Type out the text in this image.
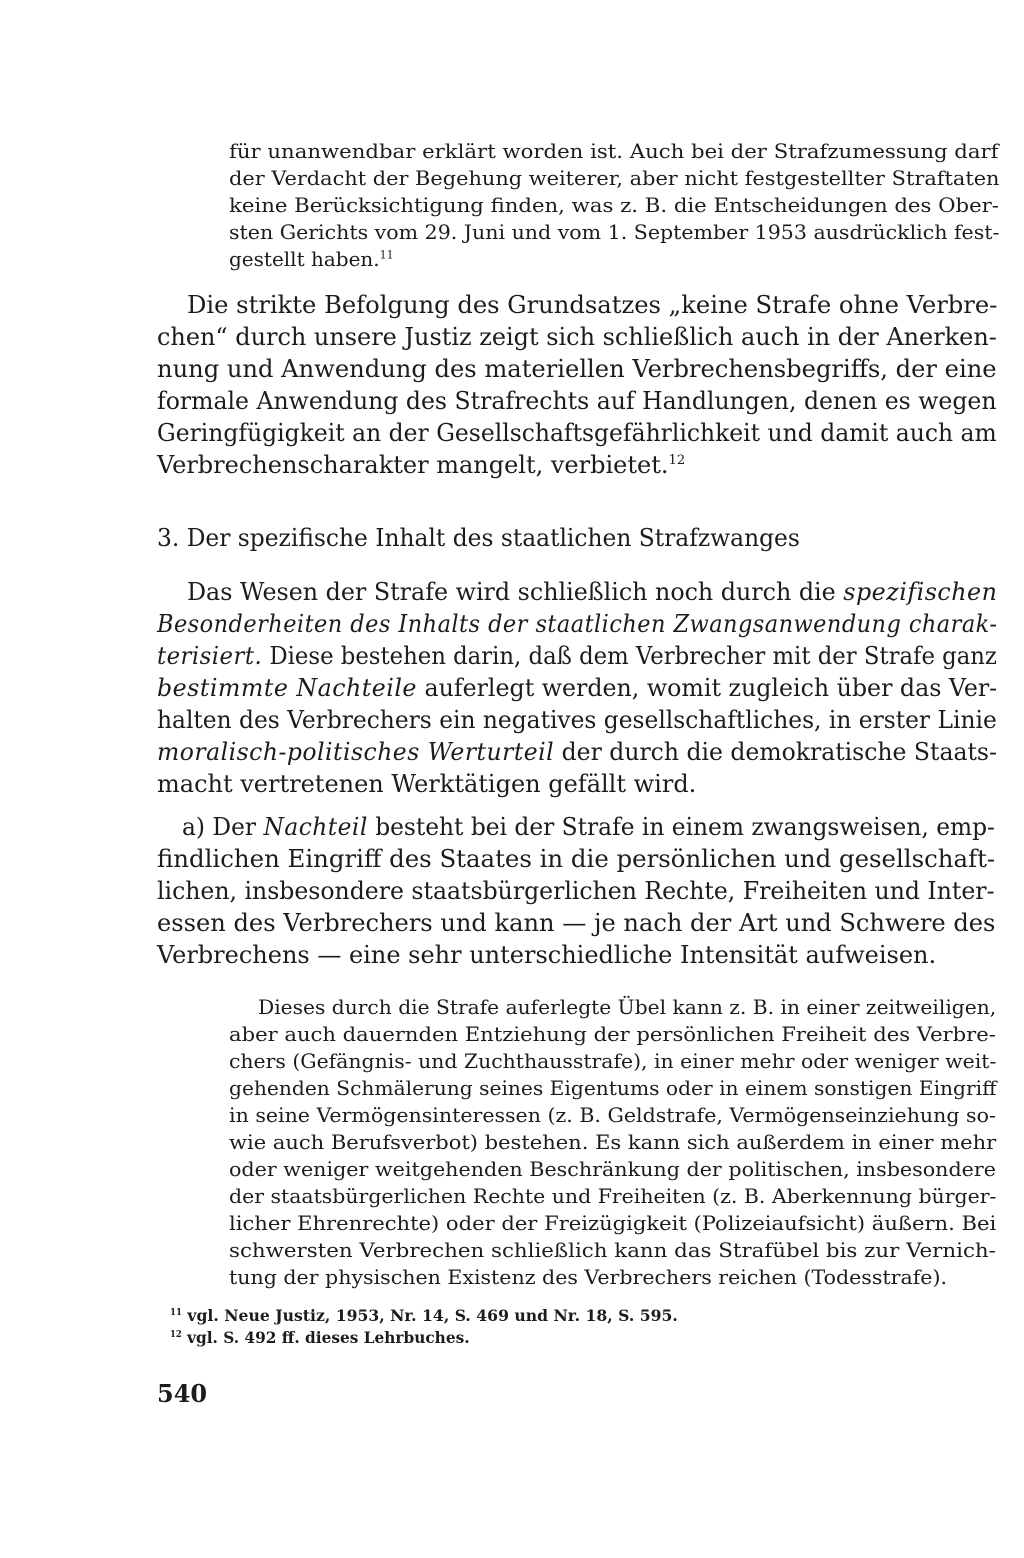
für unanwendbar erklärt worden ist. Auch bei der Strafzumessung darf
der Verdacht der Begehung weiterer, aber nicht festgestellter Straftaten
keine Berücksichtigung finden, was z. B. die Entscheidungen des Ober-
sten Gerichts vom 29. Juni und vom 1. September 1953 ausdrücklich fest-
gestellt haben.$^{11}$
Die strikte Befolgung des Grundsatzes „keine Strafe ohne Verbre-
chen“ durch unsere Justiz zeigt sich schließlich auch in der Anerken-
nung und Anwendung des materiellen Verbrechensbegriffs, der eine
formale Anwendung des Strafrechts auf Handlungen, denen es wegen
Geringfügigkeit an der Gesellschaftsgefährlichkeit und damit auch am
Verbrechenscharakter mangelt, verbietet.$^{12}$
3. Der spezifische Inhalt des staatlichen Strafzwanges
Das Wesen der Strafe wird schließlich noch durch die spezifischen
Besonderheiten des Inhalts der staatlichen Zwangsanwendung charak-
terisiert. Diese bestehen darin, daß dem Verbrecher mit der Strafe ganz
bestimmte Nachteile auferlegt werden, womit zugleich über das Ver-
halten des Verbrechers ein negatives gesellschaftliches, in erster Linie
moralisch-politisches Werturteil der durch die demokratische Staats-
macht vertretenen Werktätigen gefällt wird.
a) Der Nachteil besteht bei der Strafe in einem zwangsweisen, emp-
findlichen Eingriff des Staates in die persönlichen und gesellschaft-
lichen, insbesondere staatsbürgerlichen Rechte, Freiheiten und Inter-
essen des Verbrechers und kann — je nach der Art und Schwere des
Verbrechens — eine sehr unterschiedliche Intensität aufweisen.
Dieses durch die Strafe auferlegte Übel kann z. B. in einer zeitweiligen,
aber auch dauernden Entziehung der persönlichen Freiheit des Verbre-
chers (Gefängnis- und Zuchthausstrafe), in einer mehr oder weniger weit-
gehenden Schmälerung seines Eigentums oder in einem sonstigen Eingriff
in seine Vermögensinteressen (z. B. Geldstrafe, Vermögenseinziehung so-
wie auch Berufsverbot) bestehen. Es kann sich außerdem in einer mehr
oder weniger weitgehenden Beschränkung der politischen, insbesondere
der staatsbürgerlichen Rechte und Freiheiten (z. B. Aberkennung bürger-
licher Ehrenrechte) oder der Freizügigkeit (Polizeiaufsicht) äußern. Bei
schwersten Verbrechen schließlich kann das Strafübel bis zur Vernich-
tung der physischen Existenz des Verbrechers reichen (Todesstrafe).
$^{11}$ vgl. Neue Justiz, 1953, Nr. 14, S. 469 und Nr. 18, S. 595.
$^{12}$ vgl. S. 492 ff. dieses Lehrbuches.
540
